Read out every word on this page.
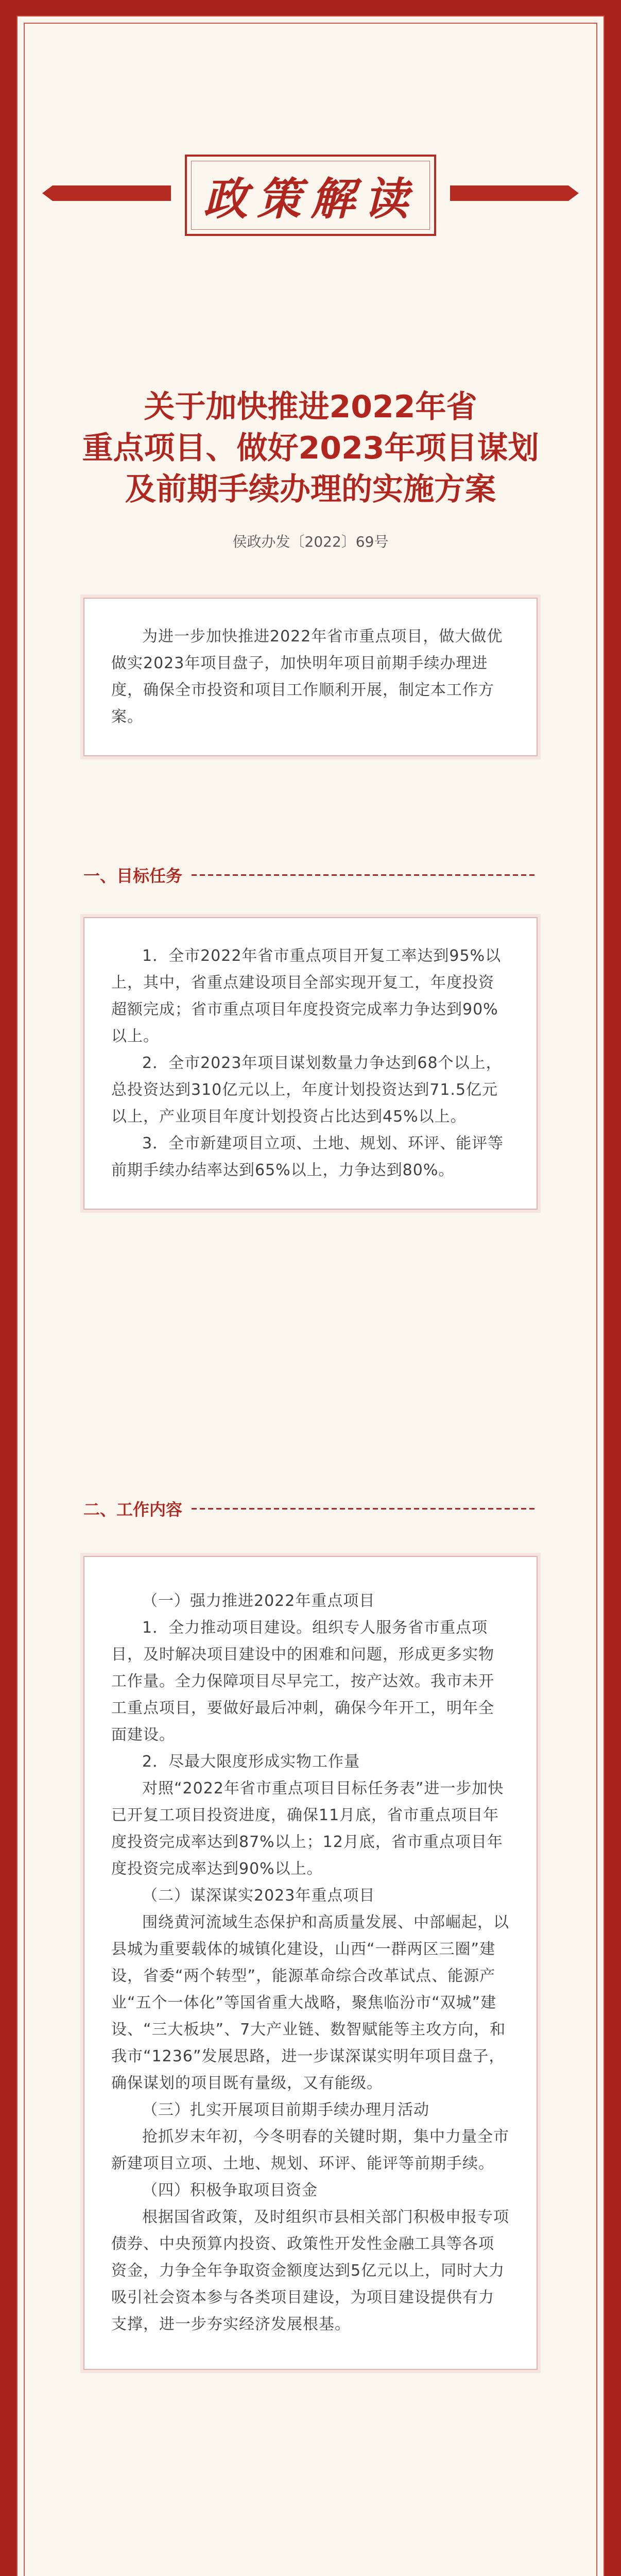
政策解读
关于加快推进2022年省
重点项目、做好2023年项目谋划
及前期手续办理的实施方案
侯政办发〔2022〕69号

为进一步加快推进2022年省市重点项目，做大做优做实2023年项目盘子，加快明年项目前期手续办理进度，确保全市投资和项目工作顺利开展，制定本工作方案。

一、目标任务

1．全市2022年省市重点项目开复工率达到95%以上，其中，省重点建设项目全部实现开复工，年度投资超额完成；省市重点项目年度投资完成率力争达到90%以上。

2．全市2023年项目谋划数量力争达到68个以上，总投资达到310亿元以上，年度计划投资达到71.5亿元以上，产业项目年度计划投资占比达到45%以上。

3．全市新建项目立项、土地、规划、环评、能评等前期手续办结率达到65%以上，力争达到80%。

二、工作内容

（一）强力推进2022年重点项目

1．全力推动项目建设。组织专人服务省市重点项目，及时解决项目建设中的困难和问题，形成更多实物工作量。全力保障项目尽早完工，按产达效。我市未开工重点项目，要做好最后冲刺，确保今年开工，明年全面建设。

2．尽最大限度形成实物工作量

对照“2022年省市重点项目目标任务表”进一步加快已开复工项目投资进度，确保11月底，省市重点项目年度投资完成率达到87%以上；12月底，省市重点项目年度投资完成率达到90%以上。

（二）谋深谋实2023年重点项目

围绕黄河流域生态保护和高质量发展、中部崛起，以县城为重要载体的城镇化建设，山西“一群两区三圈”建设，省委“两个转型”，能源革命综合改革试点、能源产业“五个一体化”等国省重大战略，聚焦临汾市“双城”建设、“三大板块”、7大产业链、数智赋能等主攻方向，和我市“1236”发展思路，进一步谋深谋实明年项目盘子，确保谋划的项目既有量级，又有能级。

（三）扎实开展项目前期手续办理月活动

抢抓岁末年初，今冬明春的关键时期，集中力量全市新建项目立项、土地、规划、环评、能评等前期手续。

（四）积极争取项目资金

根据国省政策，及时组织市县相关部门积极申报专项债券、中央预算内投资、政策性开发性金融工具等各项资金，力争全年争取资金额度达到5亿元以上，同时大力吸引社会资本参与各类项目建设，为项目建设提供有力支撑，进一步夯实经济发展根基。
